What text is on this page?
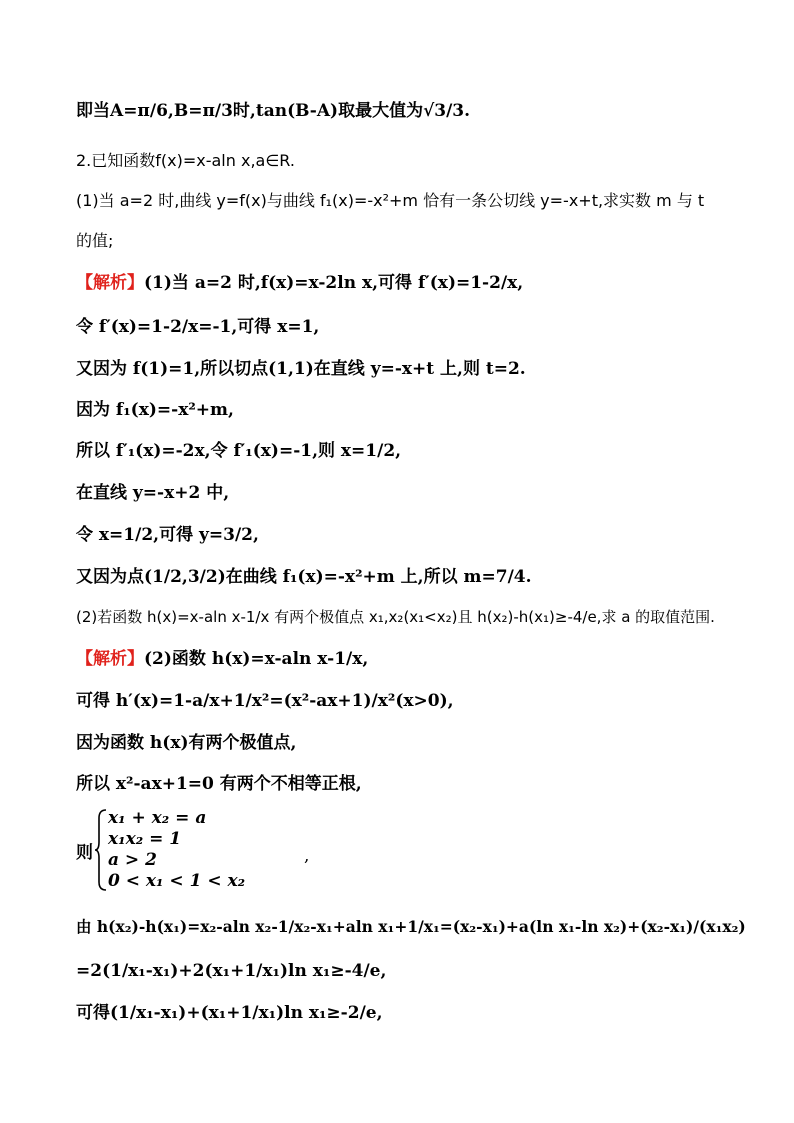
即当A=π/6,B=π/3时,tan(B-A)取最大值为√3/3.
2.已知函数f(x)=x-aln x,a∈R.
(1)当 a=2 时,曲线 y=f(x)与曲线 f₁(x)=-x²+m 恰有一条公切线 y=-x+t,求实数 m 与 t
的值;
【解析】(1)当 a=2 时,f(x)=x-2ln x,可得 f′(x)=1-2/x,
令 f′(x)=1-2/x=-1,可得 x=1,
又因为 f(1)=1,所以切点(1,1)在直线 y=-x+t 上,则 t=2.
因为 f₁(x)=-x²+m,
所以 f′₁(x)=-2x,令 f′₁(x)=-1,则 x=1/2,
在直线 y=-x+2 中,
令 x=1/2,可得 y=3/2,
又因为点(1/2,3/2)在曲线 f₁(x)=-x²+m 上,所以 m=7/4.
(2)若函数 h(x)=x-aln x-1/x 有两个极值点 x₁,x₂(x₁<x₂)且 h(x₂)-h(x₁)≥-4/e,求 a 的取值范围.
【解析】(2)函数 h(x)=x-aln x-1/x,
可得 h′(x)=1-a/x+1/x²=(x²-ax+1)/x²(x>0),
因为函数 h(x)有两个极值点,
所以 x²-ax+1=0 有两个不相等正根,
则
x₁ + x₂ = a
x₁x₂ = 1
a > 2
0 < x₁ < 1 < x₂
,
由 h(x₂)-h(x₁)=x₂-aln x₂-1/x₂-x₁+aln x₁+1/x₁=(x₂-x₁)+a(ln x₁-ln x₂)+(x₂-x₁)/(x₁x₂)
=2(1/x₁-x₁)+2(x₁+1/x₁)ln x₁≥-4/e,
可得(1/x₁-x₁)+(x₁+1/x₁)ln x₁≥-2/e,
